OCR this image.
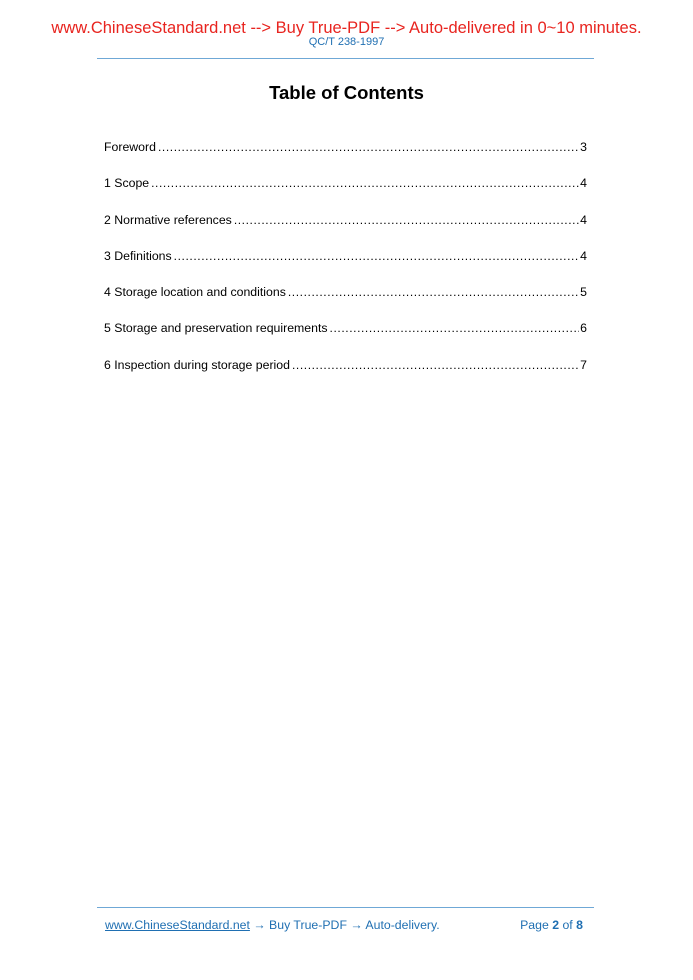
www.ChineseStandard.net --> Buy True-PDF --> Auto-delivered in 0~10 minutes.
QC/T 238-1997
Table of Contents
Foreword .....	3
1 Scope .....	4
2 Normative references .....	4
3 Definitions .....	4
4 Storage location and conditions .....	5
5 Storage and preservation requirements .....	6
6 Inspection during storage period .....	7
www.ChineseStandard.net → Buy True-PDF → Auto-delivery.	Page 2 of 8
